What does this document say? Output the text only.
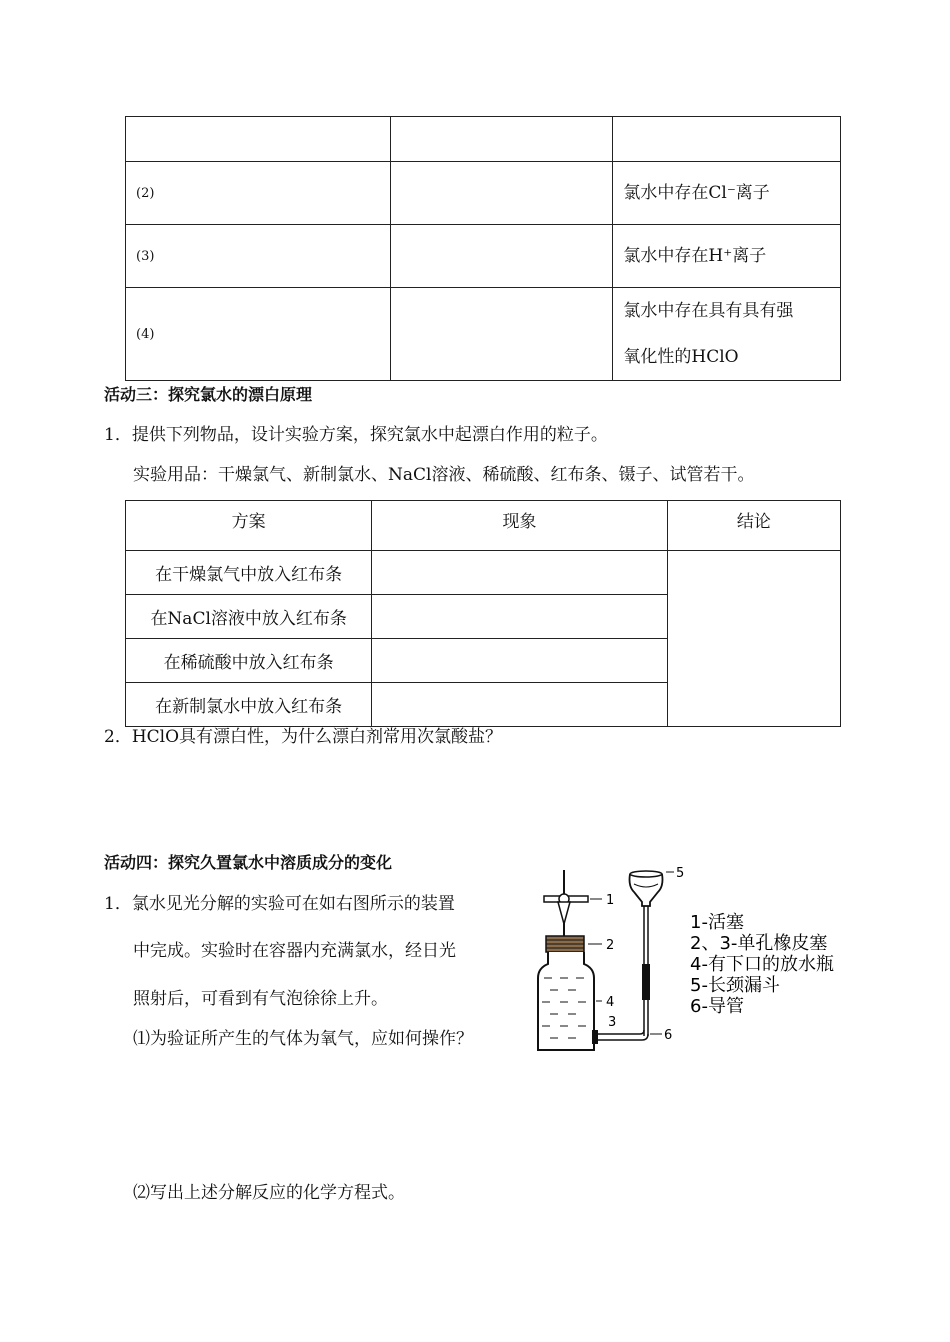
(2)		氯水中存在Cl⁻离子
(3)		氯水中存在H⁺离子
(4)		氯水中存在具有具有强
氧化性的HClO
活动三：探究氯水的漂白原理
1．提供下列物品，设计实验方案，探究氯水中起漂白作用的粒子。
实验用品：干燥氯气、新制氯水、NaCl溶液、稀硫酸、红布条、镊子、试管若干。
方案	现象	结论
在干燥氯气中放入红布条		
在NaCl溶液中放入红布条		
在稀硫酸中放入红布条		
在新制氯水中放入红布条		
2．HClO具有漂白性，为什么漂白剂常用次氯酸盐？
活动四：探究久置氯水中溶质成分的变化
1．氯水见光分解的实验可在如右图所示的装置
中完成。实验时在容器内充满氯水，经日光
照射后，可看到有气泡徐徐上升。
⑴为验证所产生的气体为氧气，应如何操作？
⑵写出上述分解反应的化学方程式。
1
2
4
3
5
6
1-活塞
2、3-单孔橡皮塞
4-有下口的放水瓶
5-长颈漏斗
6-导管
